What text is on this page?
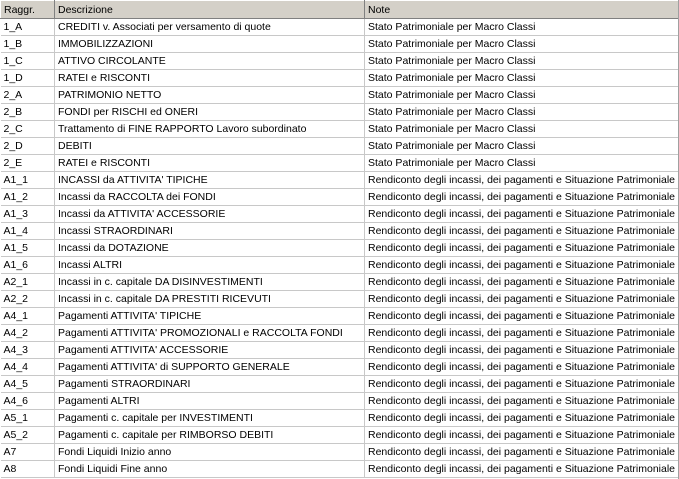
Raggr.	Descrizione	Note
1_A	CREDITI v. Associati per versamento di quote	Stato Patrimoniale per Macro Classi
1_B	IMMOBILIZZAZIONI	Stato Patrimoniale per Macro Classi
1_C	ATTIVO CIRCOLANTE	Stato Patrimoniale per Macro Classi
1_D	RATEI e RISCONTI	Stato Patrimoniale per Macro Classi
2_A	PATRIMONIO NETTO	Stato Patrimoniale per Macro Classi
2_B	FONDI per RISCHI ed ONERI	Stato Patrimoniale per Macro Classi
2_C	Trattamento di FINE RAPPORTO Lavoro subordinato	Stato Patrimoniale per Macro Classi
2_D	DEBITI	Stato Patrimoniale per Macro Classi
2_E	RATEI e RISCONTI	Stato Patrimoniale per Macro Classi
A1_1	INCASSI da ATTIVITA' TIPICHE	Rendiconto degli incassi, dei pagamenti e Situazione Patrimoniale
A1_2	Incassi da RACCOLTA dei FONDI	Rendiconto degli incassi, dei pagamenti e Situazione Patrimoniale
A1_3	Incassi da ATTIVITA' ACCESSORIE	Rendiconto degli incassi, dei pagamenti e Situazione Patrimoniale
A1_4	Incassi STRAORDINARI	Rendiconto degli incassi, dei pagamenti e Situazione Patrimoniale
A1_5	Incassi da DOTAZIONE	Rendiconto degli incassi, dei pagamenti e Situazione Patrimoniale
A1_6	Incassi ALTRI	Rendiconto degli incassi, dei pagamenti e Situazione Patrimoniale
A2_1	Incassi in c. capitale DA DISINVESTIMENTI	Rendiconto degli incassi, dei pagamenti e Situazione Patrimoniale
A2_2	Incassi in c. capitale DA PRESTITI RICEVUTI	Rendiconto degli incassi, dei pagamenti e Situazione Patrimoniale
A4_1	Pagamenti ATTIVITA' TIPICHE	Rendiconto degli incassi, dei pagamenti e Situazione Patrimoniale
A4_2	Pagamenti ATTIVITA' PROMOZIONALI e RACCOLTA FONDI	Rendiconto degli incassi, dei pagamenti e Situazione Patrimoniale
A4_3	Pagamenti ATTIVITA' ACCESSORIE	Rendiconto degli incassi, dei pagamenti e Situazione Patrimoniale
A4_4	Pagamenti ATTIVITA' di SUPPORTO GENERALE	Rendiconto degli incassi, dei pagamenti e Situazione Patrimoniale
A4_5	Pagamenti STRAORDINARI	Rendiconto degli incassi, dei pagamenti e Situazione Patrimoniale
A4_6	Pagamenti ALTRI	Rendiconto degli incassi, dei pagamenti e Situazione Patrimoniale
A5_1	Pagamenti c. capitale per INVESTIMENTI	Rendiconto degli incassi, dei pagamenti e Situazione Patrimoniale
A5_2	Pagamenti c. capitale per RIMBORSO DEBITI	Rendiconto degli incassi, dei pagamenti e Situazione Patrimoniale
A7	Fondi Liquidi Inizio anno	Rendiconto degli incassi, dei pagamenti e Situazione Patrimoniale
A8	Fondi Liquidi Fine anno	Rendiconto degli incassi, dei pagamenti e Situazione Patrimoniale
